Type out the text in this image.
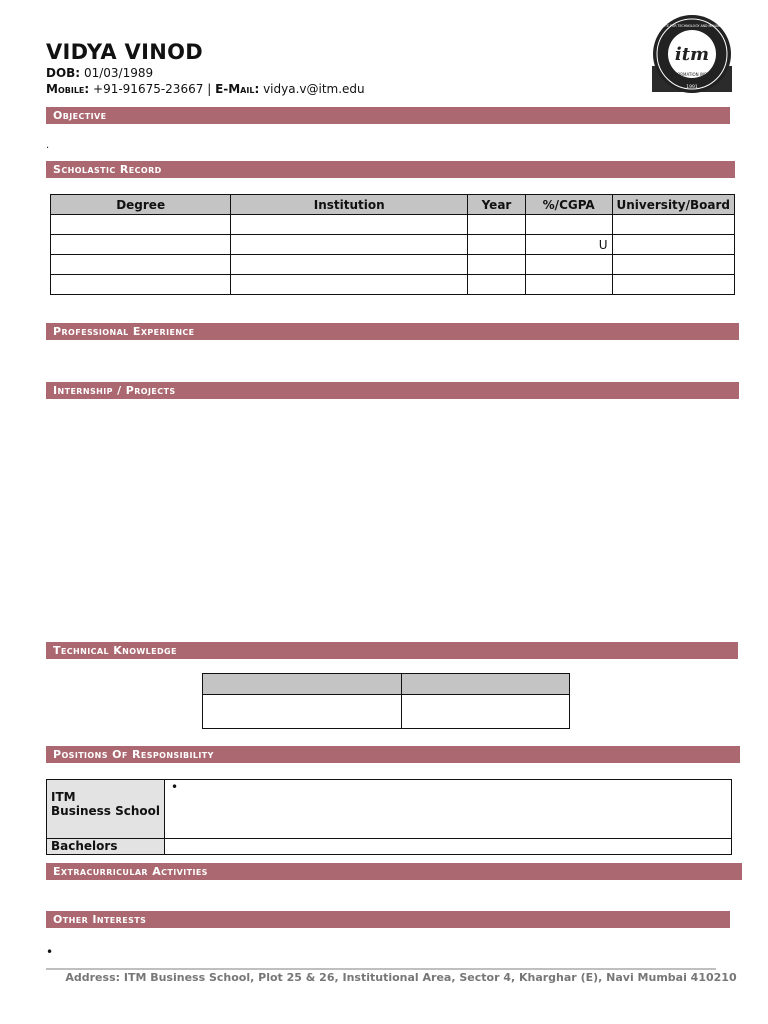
VIDYA VINOD
DOB: 01/03/1989
Mobile: +91-91675-23667 | E-Mail: vidya.v@itm.edu
itm
INFORMATION INSIDE
INSTITUTE FOR TECHNOLOGY AND MANAGEMENT
1991
Objective
.
Scholastic Record
Degree	Institution	Year	%/CGPA	University/Board

			U	

Professional Experience
Internship / Projects
Technical Knowledge

Positions Of Responsibility
ITM
Business School	•
Bachelors	
Extracurricular Activities
Other Interests
•
Address: ITM Business School, Plot 25 & 26, Institutional Area, Sector 4, Kharghar (E), Navi Mumbai 410210
